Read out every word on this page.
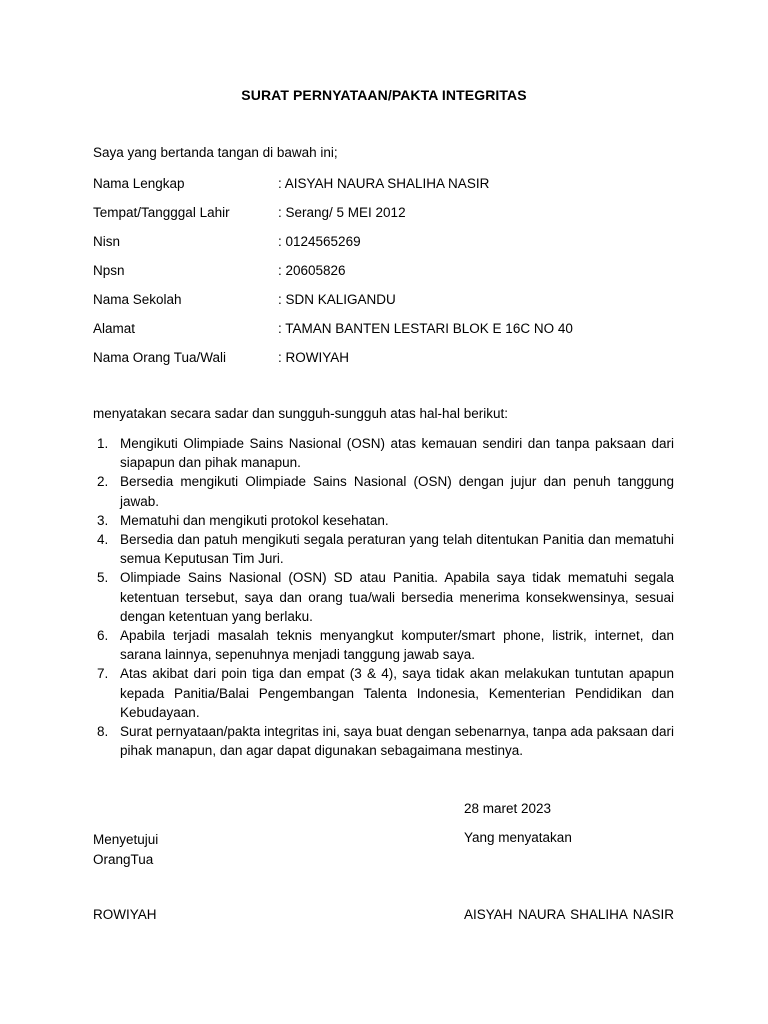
SURAT PERNYATAAN/PAKTA INTEGRITAS
Saya yang bertanda tangan di bawah ini;
Nama Lengkap	: AISYAH NAURA SHALIHA NASIR
Tempat/Tangggal Lahir	: Serang/ 5 MEI 2012
Nisn	: 0124565269
Npsn	: 20605826
Nama Sekolah	: SDN KALIGANDU
Alamat	: TAMAN BANTEN LESTARI BLOK E 16C NO 40
Nama Orang Tua/Wali	: ROWIYAH
menyatakan secara sadar dan sungguh-sungguh atas hal-hal berikut:
1. Mengikuti Olimpiade Sains Nasional (OSN) atas kemauan sendiri dan tanpa paksaan dari siapapun dan pihak manapun.
2. Bersedia mengikuti Olimpiade Sains Nasional (OSN) dengan jujur dan penuh tanggung jawab.
3. Mematuhi dan mengikuti protokol kesehatan.
4. Bersedia dan patuh mengikuti segala peraturan yang telah ditentukan Panitia dan mematuhi semua Keputusan Tim Juri.
5. Olimpiade Sains Nasional (OSN) SD atau Panitia. Apabila saya tidak mematuhi segala ketentuan tersebut, saya dan orang tua/wali bersedia menerima konsekwensinya, sesuai dengan ketentuan yang berlaku.
6. Apabila terjadi masalah teknis menyangkut komputer/smart phone, listrik, internet, dan sarana lainnya, sepenuhnya menjadi tanggung jawab saya.
7. Atas akibat dari poin tiga dan empat (3 & 4), saya tidak akan melakukan tuntutan apapun kepada Panitia/Balai Pengembangan Talenta Indonesia, Kementerian Pendidikan dan Kebudayaan.
8. Surat pernyataan/pakta integritas ini, saya buat dengan sebenarnya, tanpa ada paksaan dari pihak manapun, dan agar dapat digunakan sebagaimana mestinya.
28 maret 2023
Menyetujui
OrangTua
Yang menyatakan
ROWIYAH	AISYAH NAURA SHALIHA NASIR
